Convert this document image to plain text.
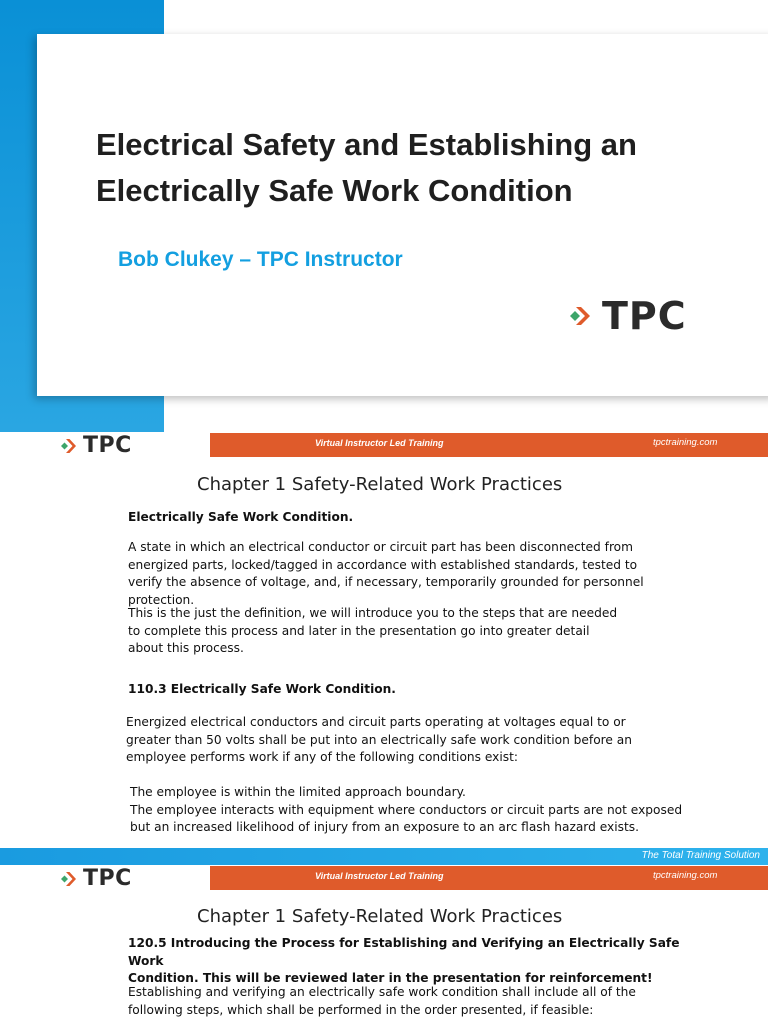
Electrical Safety and Establishing an
Electrically Safe Work Condition
Bob Clukey – TPC Instructor
TPC
TPC	Virtual Instructor Led Training	tpctraining.com
Chapter 1 Safety-Related Work Practices
Electrically Safe Work Condition.
A state in which an electrical conductor or circuit part has been disconnected from energized parts, locked/tagged in accordance with established standards, tested to verify the absence of voltage, and, if necessary, temporarily grounded for personnel protection.
This is the just the definition, we will introduce you to the steps that are needed to complete this process and later in the presentation go into greater detail about this process.
110.3 Electrically Safe Work Condition.
Energized electrical conductors and circuit parts operating at voltages equal to or greater than 50 volts shall be put into an electrically safe work condition before an employee performs work if any of the following conditions exist:
The employee is within the limited approach boundary.
The employee interacts with equipment where conductors or circuit parts are not exposed
but an increased likelihood of injury from an exposure to an arc flash hazard exists.
The Total Training Solution
TPC	Virtual Instructor Led Training	tpctraining.com
Chapter 1 Safety-Related Work Practices
120.5 Introducing the Process for Establishing and Verifying an Electrically Safe Work
Condition. This will be reviewed later in the presentation for reinforcement!
Establishing and verifying an electrically safe work condition shall include all of the
following steps, which shall be performed in the order presented, if feasible:
